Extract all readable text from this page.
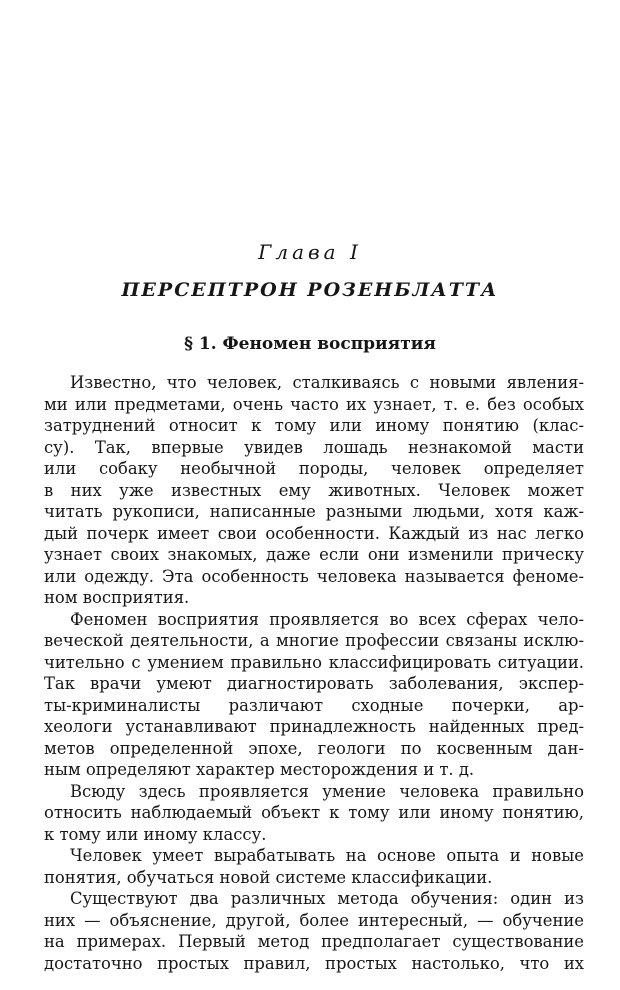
Глава I
ПЕРСЕПТРОН РОЗЕНБЛАТТА
§ 1. Феномен восприятия
Известно, что человек, сталкиваясь с новыми явления-
ми или предметами, очень часто их узнает, т. е. без особых
затруднений относит к тому или иному понятию (клас-
су). Так, впервые увидев лошадь незнакомой масти
или собаку необычной породы, человек определяет
в них уже известных ему животных. Человек может
читать рукописи, написанные разными людьми, хотя каж-
дый почерк имеет свои особенности. Каждый из нас легко
узнает своих знакомых, даже если они изменили прическу
или одежду. Эта особенность человека называется феноме-
ном восприятия.
Феномен восприятия проявляется во всех сферах чело-
веческой деятельности, а многие профессии связаны исклю-
чительно с умением правильно классифицировать ситуации.
Так врачи умеют диагностировать заболевания, экспер-
ты-криминалисты различают сходные почерки, ар-
хеологи устанавливают принадлежность найденных пред-
метов определенной эпохе, геологи по косвенным дан-
ным определяют характер месторождения и т. д.
Всюду здесь проявляется умение человека правильно
относить наблюдаемый объект к тому или иному понятию,
к тому или иному классу.
Человек умеет вырабатывать на основе опыта и новые
понятия, обучаться новой системе классификации.
Существуют два различных метода обучения: один из
них — объяснение, другой, более интересный, — обучение
на примерах. Первый метод предполагает существование
достаточно простых правил, простых настолько, что их
